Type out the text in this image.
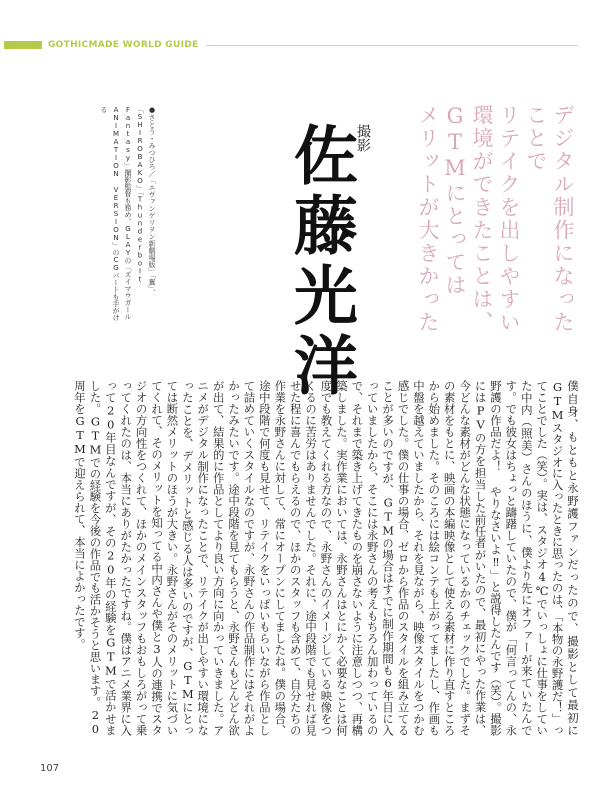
GOTHICMADE WORLD GUIDE
デジタル制作になったことで
リテイクを出しやすい
環境ができたことは、
GTMにとっては
メリットが大きかった
撮影
佐藤光洋
●さとう・みつひろ／「エヴァンゲリヲン新劇場版」「翼」、「SHIROBAKO」「Thunderbolt Fantasy」撮影監督も務め、GLAYの「ズイマウガール ANIMATION VERSION」のCGパートも手がける
僕自身、もともと永野護ファンだったので、撮影として最初にGTMスタジオに入ったときに思ったのは、「本物の永野護だ！」ってことでした（笑）。実は、スタジオ4℃でいっしょに仕事をしていた中内（照美）さんのほうに、僕より先にオファーが来ていたんです。でも彼女はちょっと躊躇していたので、僕が「何言ってんの、永野護の作品だよ！ やりなさいよ‼」と説得したんです（笑）。撮影にはPVの方を担当した前任者がいたので、最初にやった作業は、今どんな素材がどんな状態になっているかのチェックでした。まずその素材をもとに、映画の本編映像として使える素材に作り直すところから始めました。そのころには絵コンテも上がってましたし、作画も中盤を越えていましたから、それを見ながら、映像スタイルをつかむ感じでした。僕の仕事の場合、ゼロから作品のスタイルを組み立てることが多いのですが、GTMの場合はすでに制作期間も6年目に入っていましたから、そこには永野さんの考えもちろん加わっているので、それまで築き上げてきたものを崩さないように注意しつつ、再構築しました。実作業においては、永野さんはとにかく必要なことは何度でも教えてくれる方なので、永野さんのイメージしている映像をつくるのに苦労はありませんでした。それに、途中段階でも見せれば見せた程に喜んでもらえるので、ほかのスタッフも含めて、自分たちの作業を永野さんに対して、常にオープンにしてましたね。僕の場合、途中段階で何度も見せて、リテイクをいっぱいもらいながら作品として詰めていくスタイルなのですが、永野さんの作品制作にはそれがよかったみたいです。途中段階を見てもらうと、永野さんもどんどん欲が出て、結果的に作品としてより良い方向に向かっていきました。アニメがデジタル制作になったことで、リテイクが出しやすい環境になったことを、デメリットと感じる人は多いのですが、GTMにとっては断然メリットのほうが大きい。永野さんがそのメリットに気づいてくれて、そのメリットを知ってる中内さんや僕と3人の連携でスタジオの方向性をつくれて、ほかのメインスタッフもおもしろがって乗ってくれたのは、本当にありがたかったですね。僕はアニメ業界に入って20年目なんですが、その20年の経験をGTMで活かせました。GTMでの経験を今後の作品でも活かそうと思います。20周年をGTMで迎えられて、本当によかったです。
107
